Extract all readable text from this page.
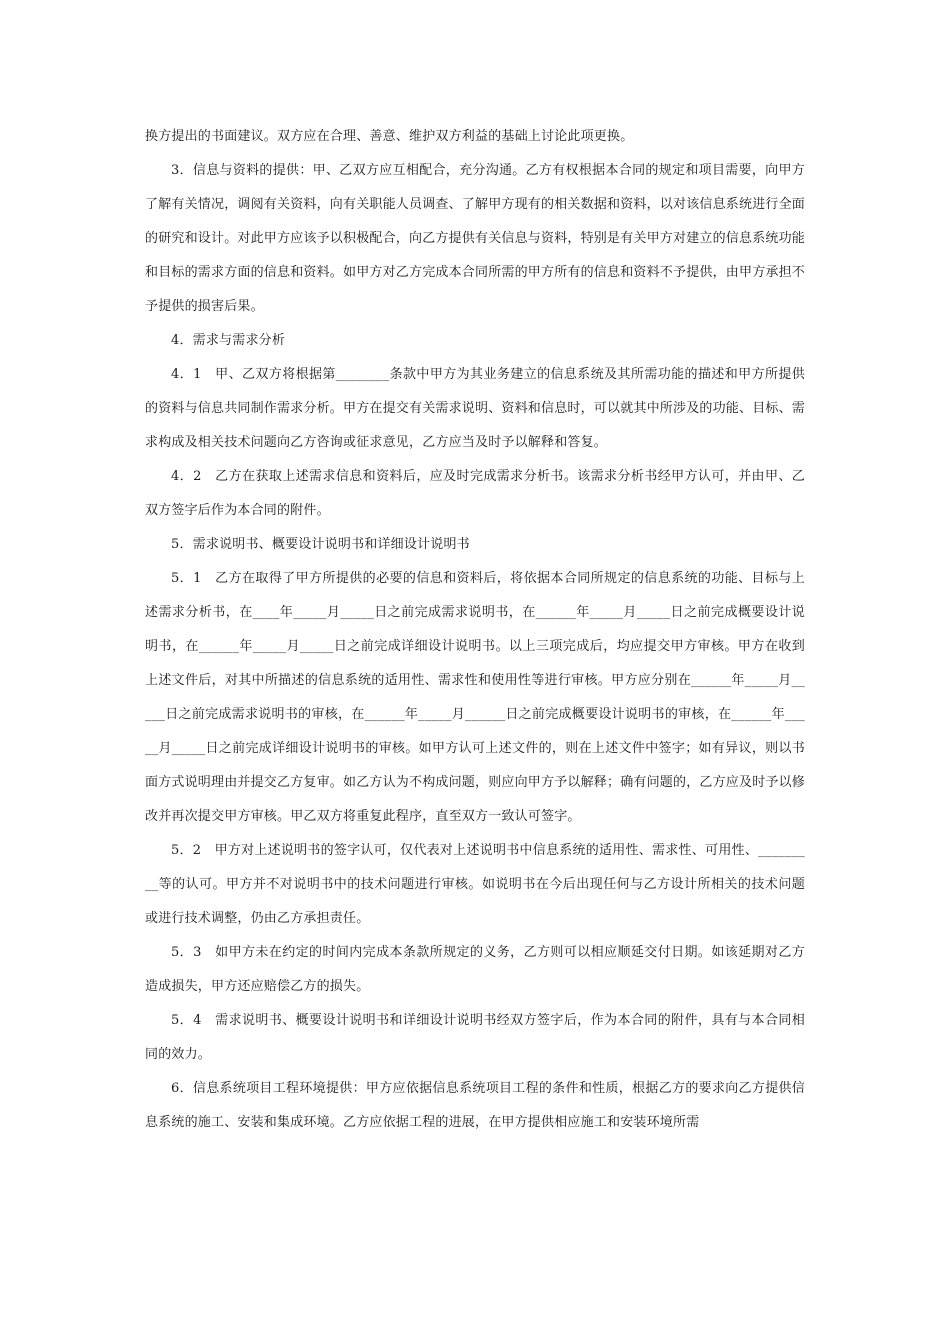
换方提出的书面建议。双方应在合理、善意、维护双方利益的基础上讨论此项更换。

3．信息与资料的提供：甲、乙双方应互相配合，充分沟通。乙方有权根据本合同的规定和项目需要，向甲方了解有关情况，调阅有关资料，向有关职能人员调查、了解甲方现有的相关数据和资料，以对该信息系统进行全面的研究和设计。对此甲方应该予以积极配合，向乙方提供有关信息与资料，特别是有关甲方对建立的信息系统功能和目标的需求方面的信息和资料。如甲方对乙方完成本合同所需的甲方所有的信息和资料不予提供，由甲方承担不予提供的损害后果。

4．需求与需求分析

4．1　甲、乙双方将根据第________条款中甲方为其业务建立的信息系统及其所需功能的描述和甲方所提供的资料与信息共同制作需求分析。甲方在提交有关需求说明、资料和信息时，可以就其中所涉及的功能、目标、需求构成及相关技术问题向乙方咨询或征求意见，乙方应当及时予以解释和答复。

4．2　乙方在获取上述需求信息和资料后，应及时完成需求分析书。该需求分析书经甲方认可，并由甲、乙双方签字后作为本合同的附件。

5．需求说明书、概要设计说明书和详细设计说明书

5．1　乙方在取得了甲方所提供的必要的信息和资料后，将依据本合同所规定的信息系统的功能、目标与上述需求分析书，在____年_____月_____日之前完成需求说明书，在______年_____月_____日之前完成概要设计说明书，在______年_____月_____日之前完成详细设计说明书。以上三项完成后，均应提交甲方审核。甲方在收到上述文件后，对其中所描述的信息系统的适用性、需求性和使用性等进行审核。甲方应分别在______年_____月_____日之前完成需求说明书的审核，在______年_____月______日之前完成概要设计说明书的审核，在______年_____月_____日之前完成详细设计说明书的审核。如甲方认可上述文件的，则在上述文件中签字；如有异议，则以书面方式说明理由并提交乙方复审。如乙方认为不构成问题，则应向甲方予以解释；确有问题的，乙方应及时予以修改并再次提交甲方审核。甲乙双方将重复此程序，直至双方一致认可签字。

5．2　甲方对上述说明书的签字认可，仅代表对上述说明书中信息系统的适用性、需求性、可用性、_________等的认可。甲方并不对说明书中的技术问题进行审核。如说明书在今后出现任何与乙方设计所相关的技术问题或进行技术调整，仍由乙方承担责任。

5．3　如甲方未在约定的时间内完成本条款所规定的义务，乙方则可以相应顺延交付日期。如该延期对乙方造成损失，甲方还应赔偿乙方的损失。

5．4　需求说明书、概要设计说明书和详细设计说明书经双方签字后，作为本合同的附件，具有与本合同相同的效力。

6．信息系统项目工程环境提供：甲方应依据信息系统项目工程的条件和性质，根据乙方的要求向乙方提供信息系统的施工、安装和集成环境。乙方应依据工程的进展，在甲方提供相应施工和安装环境所需
